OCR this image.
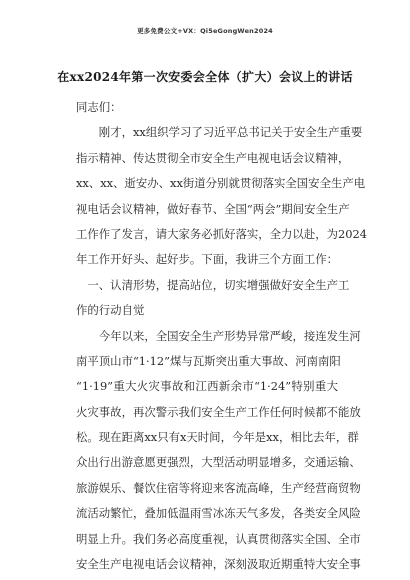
更多免费公文+VX：Qi5eGongWen2024
在xx2024年第一次安委会全体（扩大）会议上的讲话
同志们：
刚才，xx组织学习了习近平总书记关于安全生产重要
指示精神、传达贯彻全市安全生产电视电话会议精神，
xx、xx、逝安办、xx街道分别就贯彻落实全国安全生产电
视电话会议精神，做好春节、全国“两会”期间安全生产
工作作了发言，请大家务必抓好落实，全力以赴，为2024
年工作开好头、起好步。下面，我讲三个方面工作：
一、认清形势，提高站位，切实增强做好安全生产工
作的行动自觉
今年以来，全国安全生产形势异常严峻，接连发生河
南平顶山市“1·12”煤与瓦斯突出重大事故、河南南阳
“1·19”重大火灾事故和江西新余市“1·24”特别重大
火灾事故，再次警示我们安全生产工作任何时候都不能放
松。现在距离xx只有x天时间，今年是xx，相比去年，群
众出行出游意愿更强烈，大型活动明显增多，交通运输、
旅游娱乐、餐饮住宿等将迎来客流高峰，生产经营商贸物
流活动繁忙，叠加低温雨雪冰冻天气多发，各类安全风险
明显上升。我们务必高度重视，认真贯彻落实全国、全市
安全生产电视电话会议精神，深刻汲取近期重特大安全事
